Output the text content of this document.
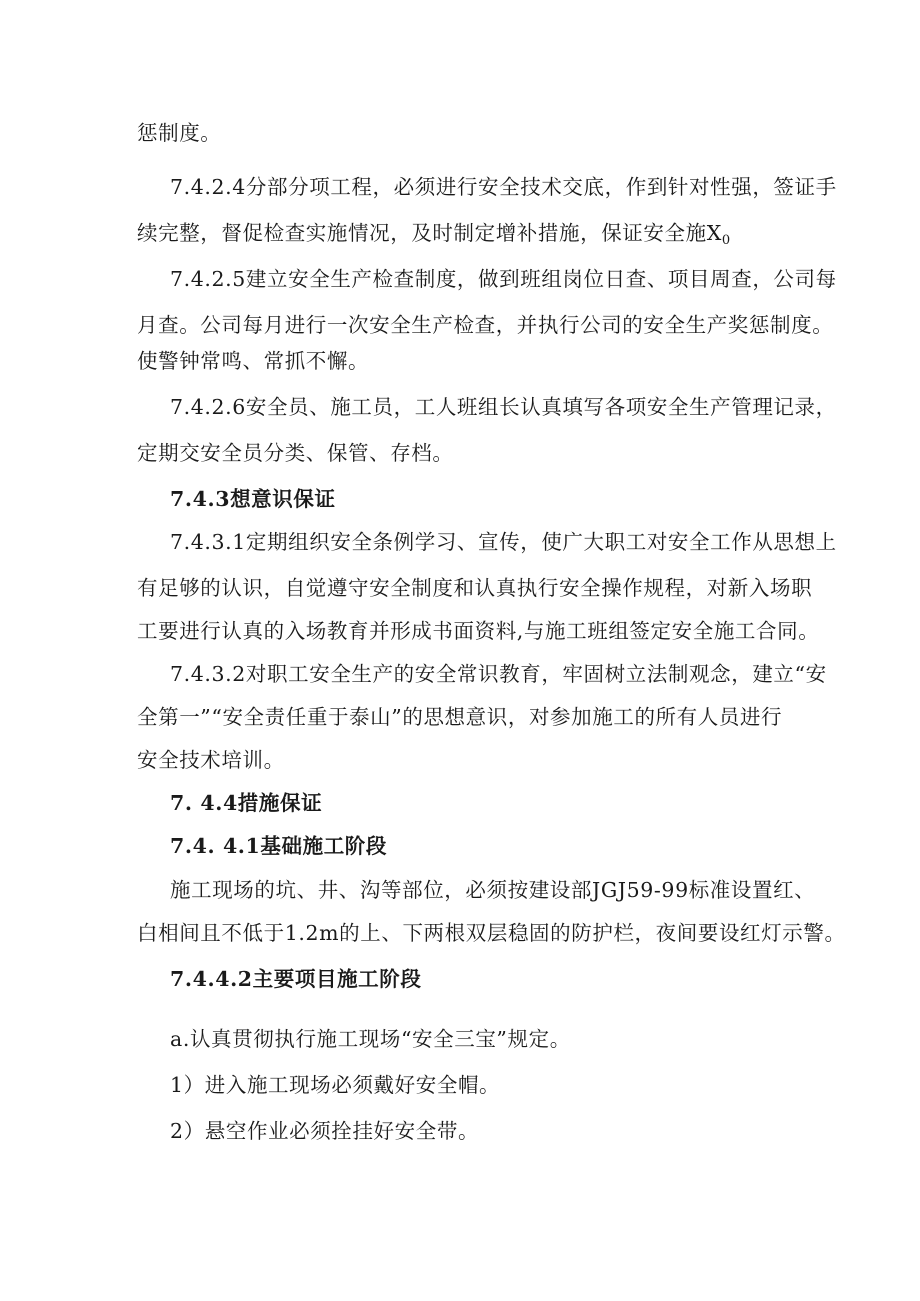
惩制度。
7.4.2.4分部分项工程，必须进行安全技术交底，作到针对性强，签证手
续完整，督促检查实施情况，及时制定增补措施，保证安全施$X_0$
7.4.2.5建立安全生产检查制度，做到班组岗位日查、项目周查，公司每
月查。公司每月进行一次安全生产检查，并执行公司的安全生产奖惩制度。
使警钟常鸣、常抓不懈。
7.4.2.6安全员、施工员，工人班组长认真填写各项安全生产管理记录，
定期交安全员分类、保管、存档。
7.4.3想意识保证
7.4.3.1定期组织安全条例学习、宣传，使广大职工对安全工作从思想上
有足够的认识，自觉遵守安全制度和认真执行安全操作规程，对新入场职
工要进行认真的入场教育并形成书面资料,与施工班组签定安全施工合同。
7.4.3.2对职工安全生产的安全常识教育，牢固树立法制观念，建立“安
全第一”“安全责任重于泰山”的思想意识，对参加施工的所有人员进行
安全技术培训。
7. 4.4措施保证
7.4. 4.1基础施工阶段
施工现场的坑、井、沟等部位，必须按建设部JGJ59-99标准设置红、
白相间且不低于1.2m的上、下两根双层稳固的防护栏，夜间要设红灯示警。
7.4.4.2主要项目施工阶段
a.认真贯彻执行施工现场“安全三宝”规定。
1）进入施工现场必须戴好安全帽。
2）悬空作业必须拴挂好安全带。
